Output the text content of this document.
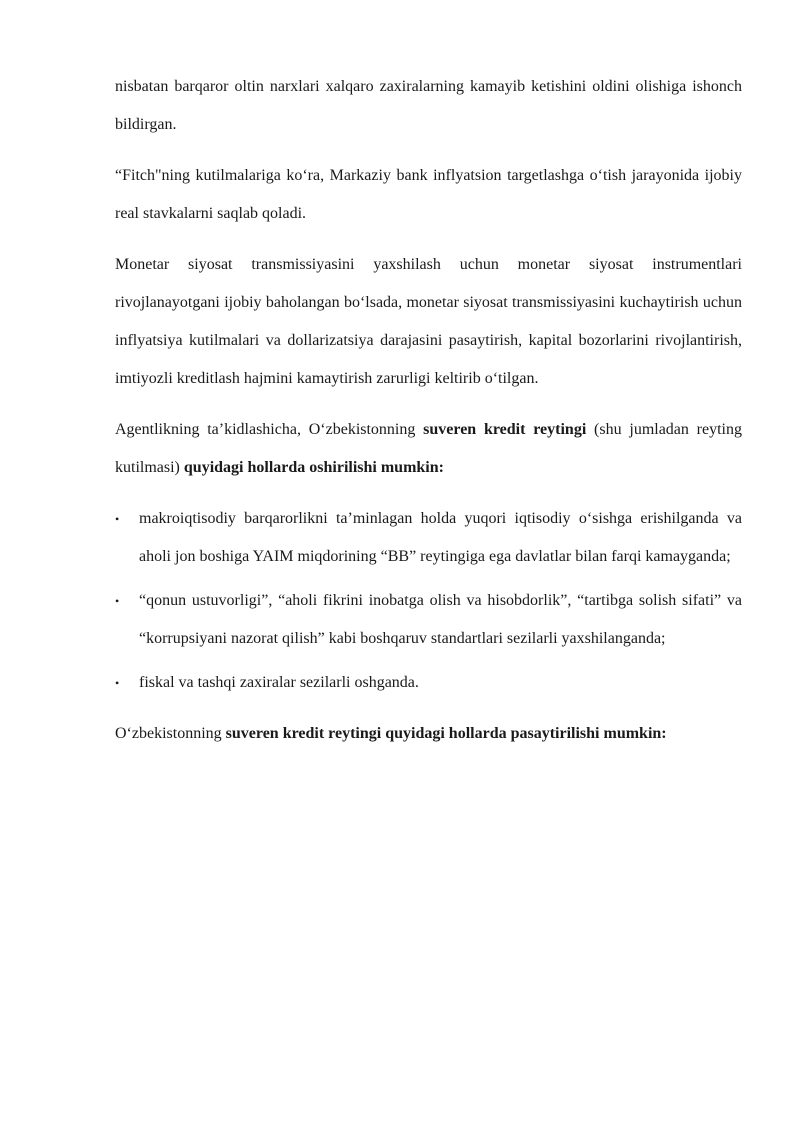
nisbatan barqaror oltin narxlari xalqaro zaxiralarning kamayib ketishini oldini olishiga ishonch bildirgan.

“Fitch"ning kutilmalariga ko‘ra, Markaziy bank inflyatsion targetlashga o‘tish jarayonida ijobiy real stavkalarni saqlab qoladi.

Monetar siyosat transmissiyasini yaxshilash uchun monetar siyosat instrumentlari rivojlanayotgani ijobiy baholangan bo‘lsada, monetar siyosat transmissiyasini kuchaytirish uchun inflyatsiya kutilmalari va dollarizatsiya darajasini pasaytirish, kapital bozorlarini rivojlantirish, imtiyozli kreditlash hajmini kamaytirish zarurligi keltirib o‘tilgan.

Agentlikning ta’kidlashicha, O‘zbekistonning suveren kredit reytingi (shu jumladan reyting kutilmasi) quyidagi hollarda oshirilishi mumkin:

• makroiqtisodiy barqarorlikni ta’minlagan holda yuqori iqtisodiy o‘sishga erishilganda va aholi jon boshiga YAIM miqdorining “BB” reytingiga ega davlatlar bilan farqi kamayganda;
• “qonun ustuvorligi”, “aholi fikrini inobatga olish va hisobdorlik”, “tartibga solish sifati” va “korrupsiyani nazorat qilish” kabi boshqaruv standartlari sezilarli yaxshilanganda;
• fiskal va tashqi zaxiralar sezilarli oshganda.

O‘zbekistonning suveren kredit reytingi quyidagi hollarda pasaytirilishi mumkin:
